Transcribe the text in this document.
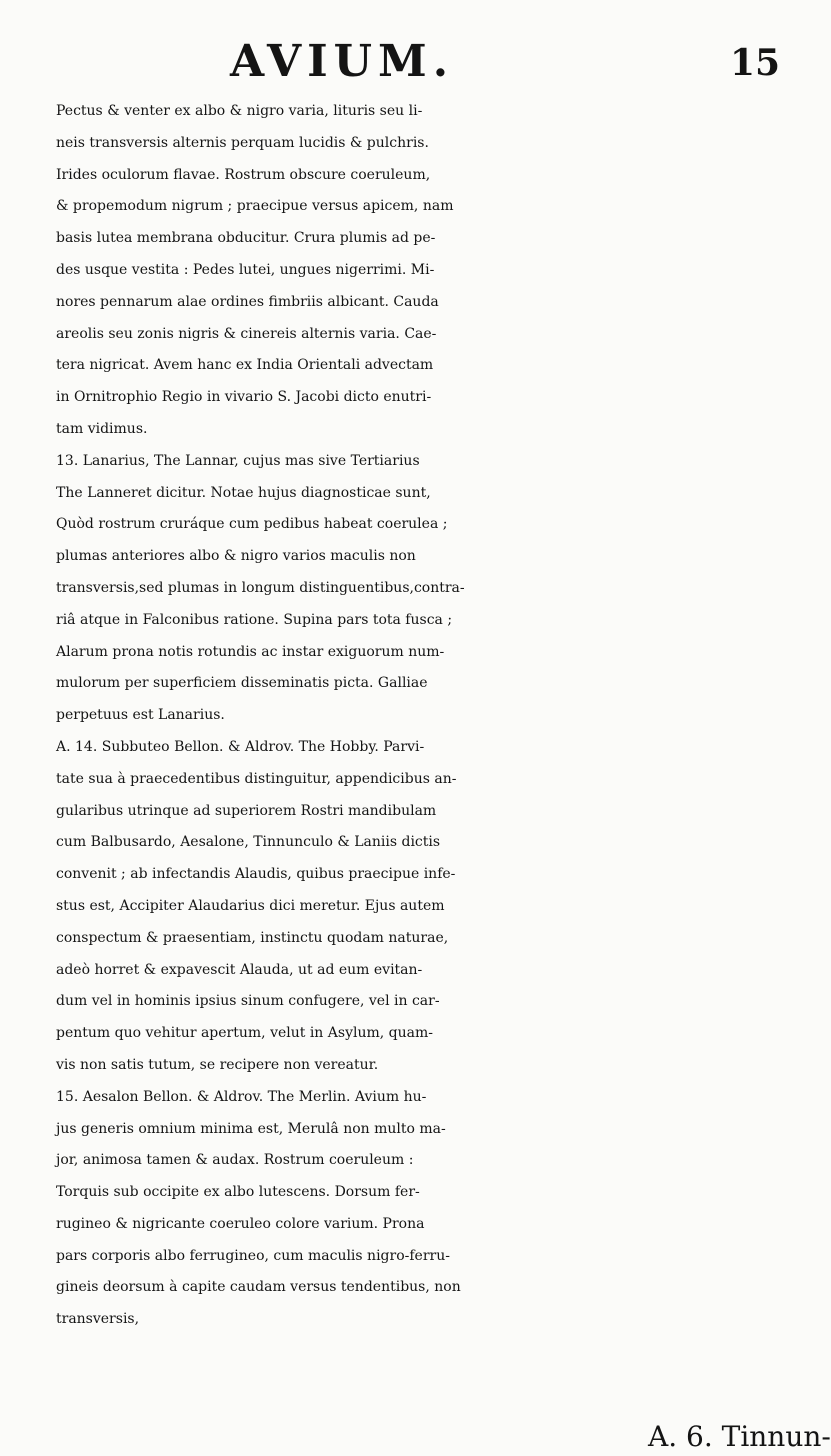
AVIUM.	15
Pectus & venter ex albo & nigro varia, lituris seu li-
neis transversis alternis perquam lucidis & pulchris.
Irides oculorum flavae. Rostrum obscure coeruleum,
& propemodum nigrum ; praecipue versus apicem, nam
basis lutea membrana obducitur. Crura plumis ad pe-
des usque vestita : Pedes lutei, ungues nigerrimi. Mi-
nores pennarum alae ordines fimbriis albicant. Cauda
areolis seu zonis nigris & cinereis alternis varia. Cae-
tera nigricat. Avem hanc ex India Orientali advectam
in Ornitrophio Regio in vivario S. Jacobi dicto enutri-
tam vidimus.
13. Lanarius, The Lannar, cujus mas sive Tertiarius
The Lanneret dicitur. Notae hujus diagnosticae sunt,
Quòd rostrum cruráque cum pedibus habeat coerulea ;
plumas anteriores albo & nigro varios maculis non
transversis,sed plumas in longum distinguentibus,contra-
riâ atque in Falconibus ratione. Supina pars tota fusca ;
Alarum prona notis rotundis ac instar exiguorum num-
mulorum per superficiem disseminatis picta. Galliae
perpetuus est Lanarius.
A. 14. Subbuteo Bellon. & Aldrov. The Hobby. Parvi-
tate sua à praecedentibus distinguitur, appendicibus an-
gularibus utrinque ad superiorem Rostri mandibulam
cum Balbusardo, Aesalone, Tinnunculo & Laniis dictis
convenit ; ab infectandis Alaudis, quibus praecipue infe-
stus est, Accipiter Alaudarius dici meretur. Ejus autem
conspectum & praesentiam, instinctu quodam naturae,
adeò horret & expavescit Alauda, ut ad eum evitan-
dum vel in hominis ipsius sinum confugere, vel in car-
pentum quo vehitur apertum, velut in Asylum, quam-
vis non satis tutum, se recipere non vereatur.
15. Aesalon Bellon. & Aldrov. The Merlin. Avium hu-
jus generis omnium minima est, Merulâ non multo ma-
jor, animosa tamen & audax. Rostrum coeruleum :
Torquis sub occipite ex albo lutescens. Dorsum fer-
rugineo & nigricante coeruleo colore varium. Prona
pars corporis albo ferrugineo, cum maculis nigro-ferru-
gineis deorsum à capite caudam versus tendentibus, non
transversis,
A. 6. Tinnun-
